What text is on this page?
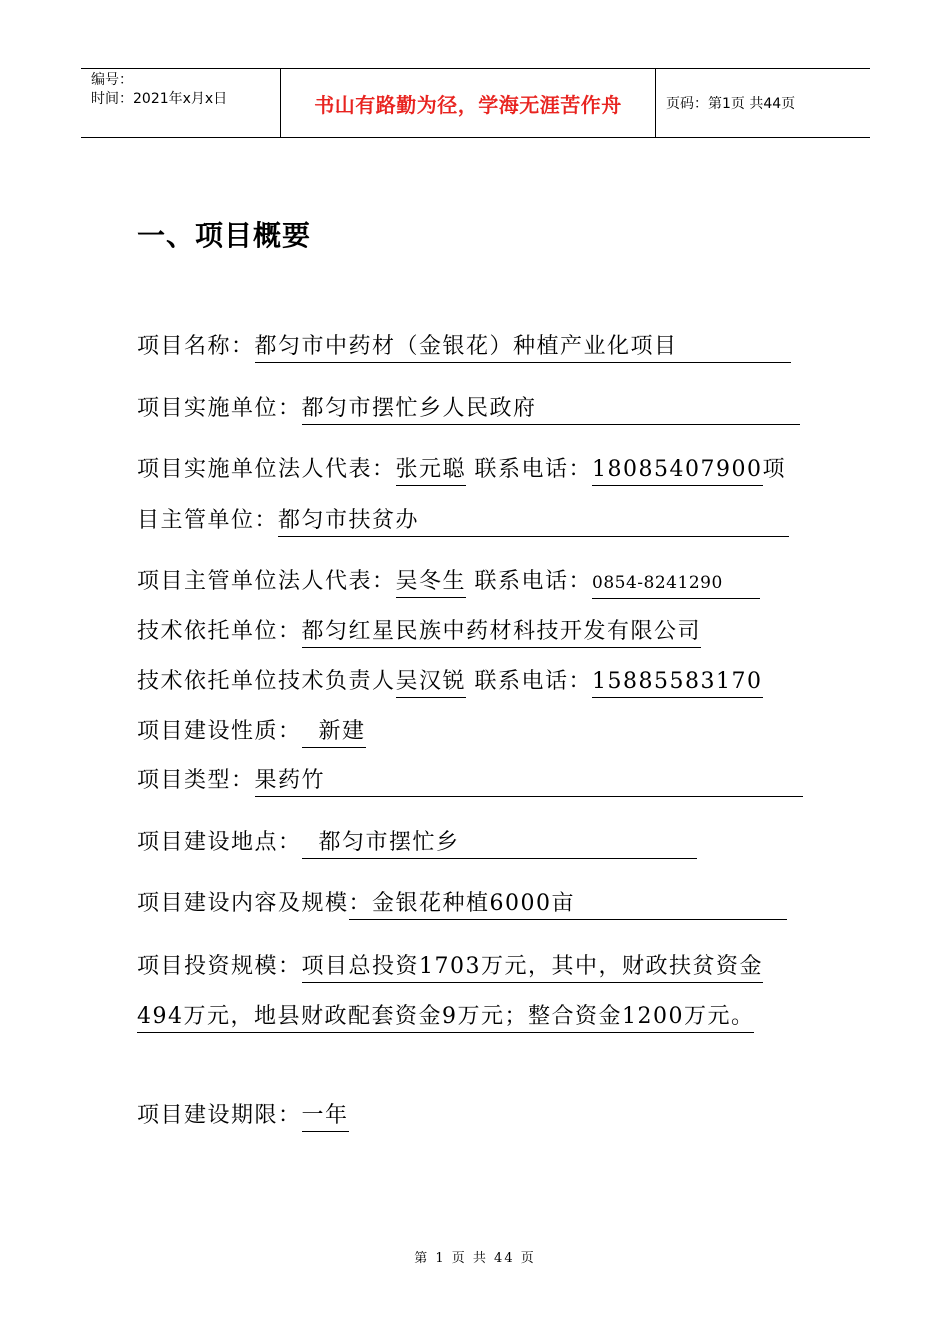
编号：
时间：2021年x月x日	书山有路勤为径，学海无涯苦作舟	页码：第1页 共44页
一、项目概要
项目名称：都匀市中药材（金银花）种植产业化项目
项目实施单位：都匀市摆忙乡人民政府
项目实施单位法人代表：张元聪 联系电话：18085407900项
目主管单位：都匀市扶贫办
项目主管单位法人代表：吴冬生 联系电话：0854-8241290
技术依托单位：都匀红星民族中药材科技开发有限公司
技术依托单位技术负责人吴汉锐 联系电话：15885583170
项目建设性质：  新建
项目类型：果药竹
项目建设地点：  都匀市摆忙乡
项目建设内容及规模：金银花种植6000亩
项目投资规模：项目总投资1703万元，其中，财政扶贫资金
494万元，地县财政配套资金9万元；整合资金1200万元。
项目建设期限：一年
第 1 页 共 44 页
